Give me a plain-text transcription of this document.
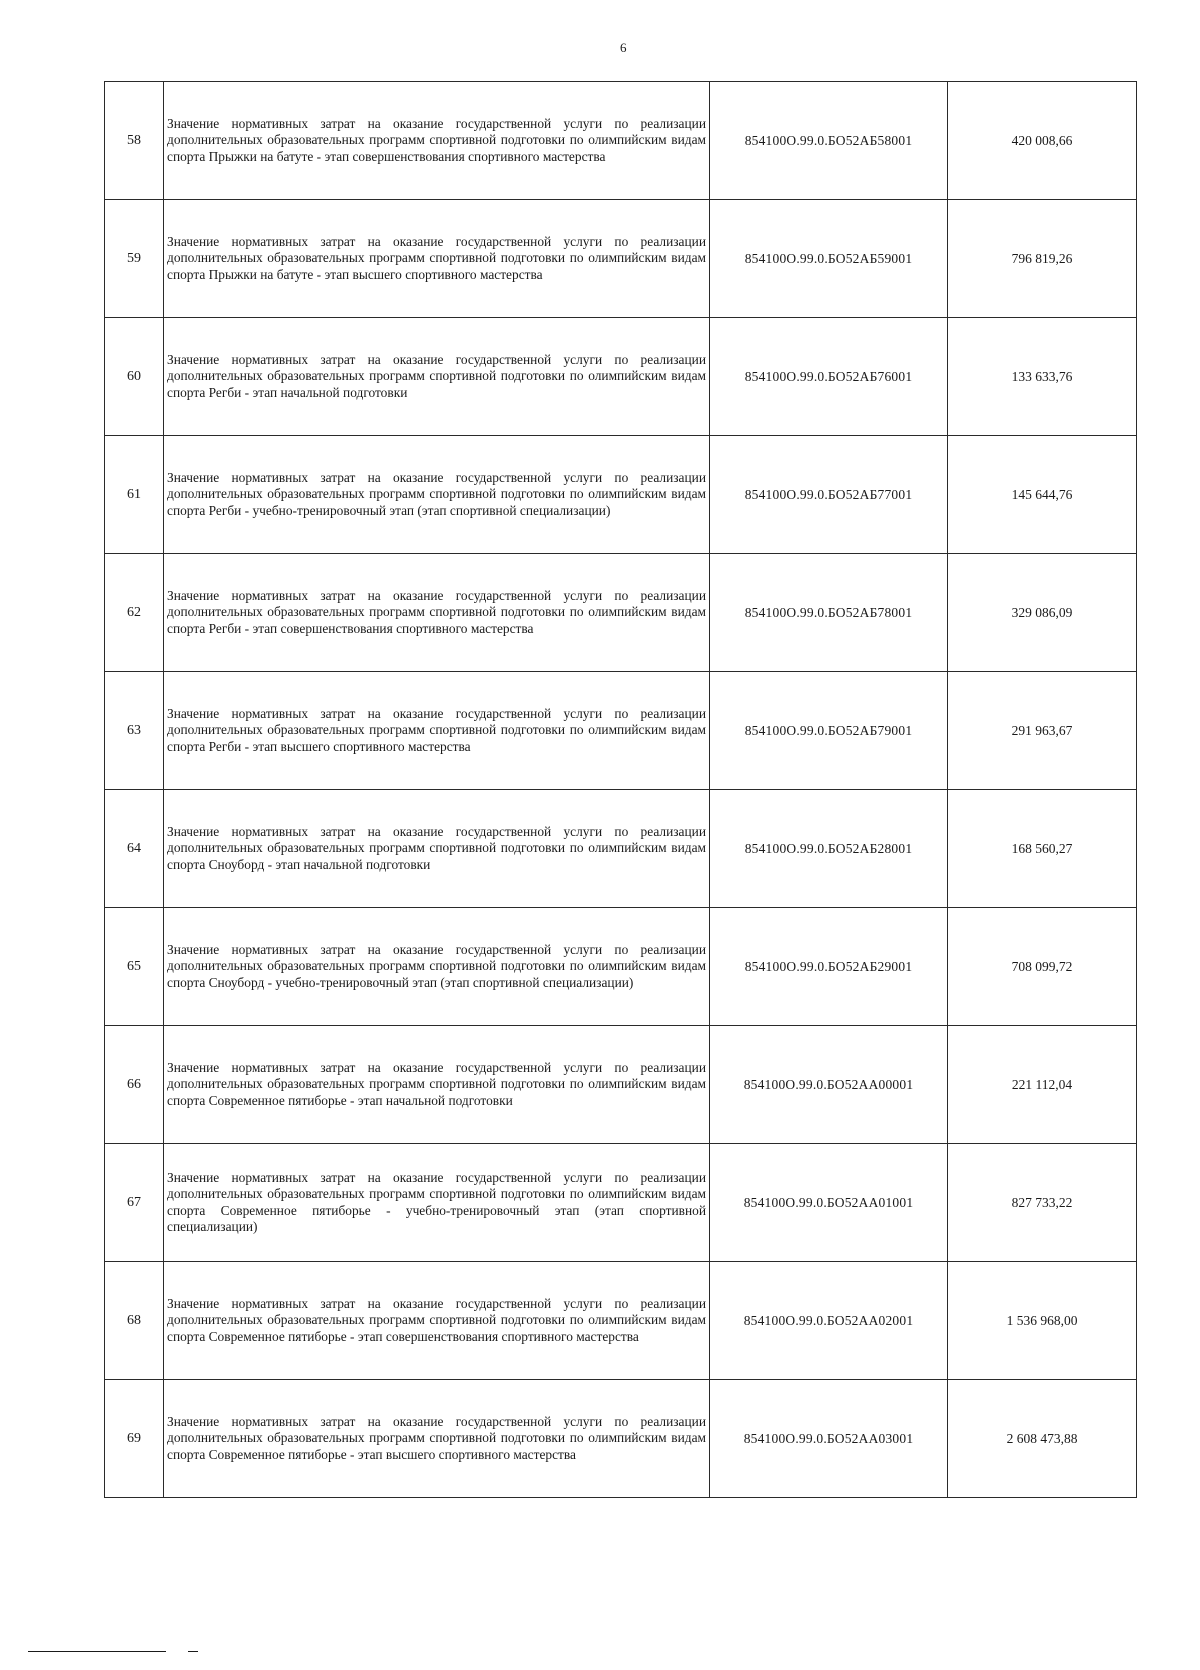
6
58	Значение нормативных затрат на оказание государственной услуги по реализации дополнительных образовательных программ спортивной подготовки по олимпийским видам спорта Прыжки на батуте - этап совершенствования спортивного мастерства	854100О.99.0.БО52АБ58001	420 008,66
59	Значение нормативных затрат на оказание государственной услуги по реализации дополнительных образовательных программ спортивной подготовки по олимпийским видам спорта Прыжки на батуте - этап высшего спортивного мастерства	854100О.99.0.БО52АБ59001	796 819,26
60	Значение нормативных затрат на оказание государственной услуги по реализации дополнительных образовательных программ спортивной подготовки по олимпийским видам спорта Регби - этап начальной подготовки	854100О.99.0.БО52АБ76001	133 633,76
61	Значение нормативных затрат на оказание государственной услуги по реализации дополнительных образовательных программ спортивной подготовки по олимпийским видам спорта Регби - учебно-тренировочный этап (этап спортивной специализации)	854100О.99.0.БО52АБ77001	145 644,76
62	Значение нормативных затрат на оказание государственной услуги по реализации дополнительных образовательных программ спортивной подготовки по олимпийским видам спорта Регби - этап совершенствования спортивного мастерства	854100О.99.0.БО52АБ78001	329 086,09
63	Значение нормативных затрат на оказание государственной услуги по реализации дополнительных образовательных программ спортивной подготовки по олимпийским видам спорта Регби - этап высшего спортивного мастерства	854100О.99.0.БО52АБ79001	291 963,67
64	Значение нормативных затрат на оказание государственной услуги по реализации дополнительных образовательных программ спортивной подготовки по олимпийским видам спорта Сноуборд - этап начальной подготовки	854100О.99.0.БО52АБ28001	168 560,27
65	Значение нормативных затрат на оказание государственной услуги по реализации дополнительных образовательных программ спортивной подготовки по олимпийским видам спорта Сноуборд - учебно-тренировочный этап (этап спортивной специализации)	854100О.99.0.БО52АБ29001	708 099,72
66	Значение нормативных затрат на оказание государственной услуги по реализации дополнительных образовательных программ спортивной подготовки по олимпийским видам спорта Современное пятиборье - этап начальной подготовки	854100О.99.0.БО52АА00001	221 112,04
67	Значение нормативных затрат на оказание государственной услуги по реализации дополнительных образовательных программ спортивной подготовки по олимпийским видам спорта Современное пятиборье - учебно-тренировочный этап (этап спортивной специализации)	854100О.99.0.БО52АА01001	827 733,22
68	Значение нормативных затрат на оказание государственной услуги по реализации дополнительных образовательных программ спортивной подготовки по олимпийским видам спорта Современное пятиборье - этап совершенствования спортивного мастерства	854100О.99.0.БО52АА02001	1 536 968,00
69	Значение нормативных затрат на оказание государственной услуги по реализации дополнительных образовательных программ спортивной подготовки по олимпийским видам спорта Современное пятиборье - этап высшего спортивного мастерства	854100О.99.0.БО52АА03001	2 608 473,88
